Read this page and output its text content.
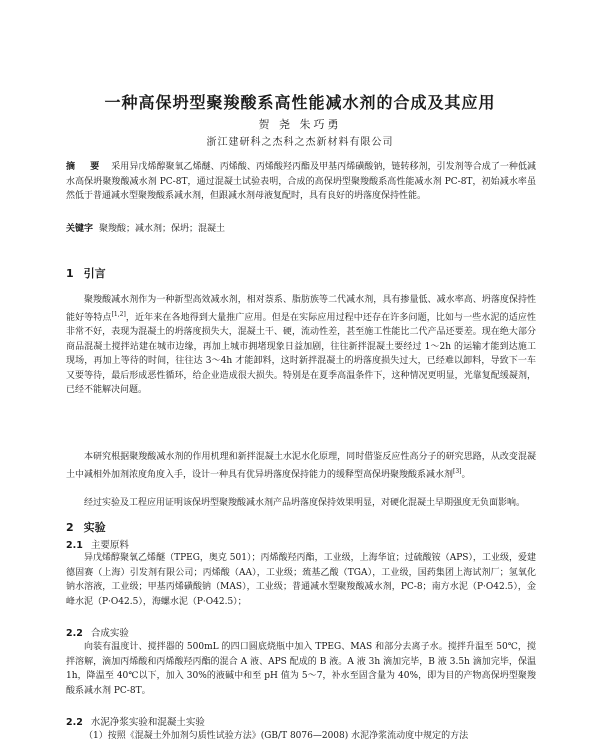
一种高保坍型聚羧酸系高性能减水剂的合成及其应用
贺 尧 朱巧勇
浙江建研科之杰科之杰新材料有限公司

摘 要 采用异戊烯醇聚氧乙烯醚、丙烯酸、丙烯酸羟丙酯及甲基丙烯磺酸钠，链转移剂，引发剂等合成了一种低减水高保坍聚羧酸减水剂 PC-8T，通过混凝土试验表明，合成的高保坍型聚羧酸系高性能减水剂 PC-8T，初始减水率虽然低于普通减水型聚羧酸系减水剂，但跟减水剂母液复配时，具有良好的坍落度保持性能。

关键字 聚羧酸；减水剂；保坍；混凝土

1 引言

聚羧酸减水剂作为一种新型高效减水剂，相对萘系、脂肪族等二代减水剂，具有掺量低、减水率高、坍落度保持性能好等特点[1,2]，近年来在各地得到大量推广应用。但是在实际应用过程中还存在许多问题，比如与一些水泥的适应性非常不好，表现为混凝土的坍落度损失大，混凝土干、硬，流动性差，甚至施工性能比二代产品还要差。现在绝大部分商品混凝土搅拌站建在城市边缘，再加上城市拥堵现象日益加剧，往往新拌混凝土要经过 1～2h 的运输才能到达施工现场，再加上等待的时间，往往达 3～4h 才能卸料，这时新拌混凝土的坍落度损失过大，已经难以卸料，导致下一车又要等待，最后形成恶性循环，给企业造成很大损失。特别是在夏季高温条件下，这种情况更明显，光靠复配缓凝剂，已经不能解决问题。

本研究根据聚羧酸减水剂的作用机理和新拌混凝土水泥水化原理，同时借鉴反应性高分子的研究思路，从改变混凝土中减相外加剂浓度角度入手，设计一种具有优异坍落度保持能力的缓释型高保坍聚羧酸系减水剂[3]。

经过实验及工程应用证明该保坍型聚羧酸减水剂产品坍落度保持效果明显，对硬化混凝土早期强度无负面影响。

2 实验
2.1 主要原料

异戊烯醇聚氧乙烯醚（TPEG，奥克 501）；丙烯酸羟丙酯，工业级，上海华谊；过硫酸铵（APS），工业级，爱建德固赛（上海）引发剂有限公司；丙烯酸（AA），工业级；巯基乙酸（TGA），工业级，国药集团上海试剂厂；氢氧化钠水溶液，工业级；甲基丙烯磺酸钠（MAS），工业级；普通减水型聚羧酸减水剂，PC-8；南方水泥（P·O42.5），金峰水泥（P·O42.5），海螺水泥（P·O42.5）；

2.2 合成实验

向装有温度计、搅拌器的 500mL 的四口圆底烧瓶中加入 TPEG、MAS 和部分去离子水。搅拌升温至 50℃，搅拌溶解，滴加丙烯酸和丙烯酸羟丙酯的混合 A 液、APS 配成的 B 液。A 液 3h 滴加完毕，B 液 3.5h 滴加完毕，保温 1h，降温至 40℃以下，加入 30%的液碱中和至 pH 值为 5～7，补水至固含量为 40%，即为目的产物高保坍型聚羧酸系减水剂 PC-8T。

2.2 水泥净浆实验和混凝土实验

（1）按照《混凝土外加剂匀质性试验方法》(GB/T 8076—2008) 水泥净浆流动度中规定的方法
